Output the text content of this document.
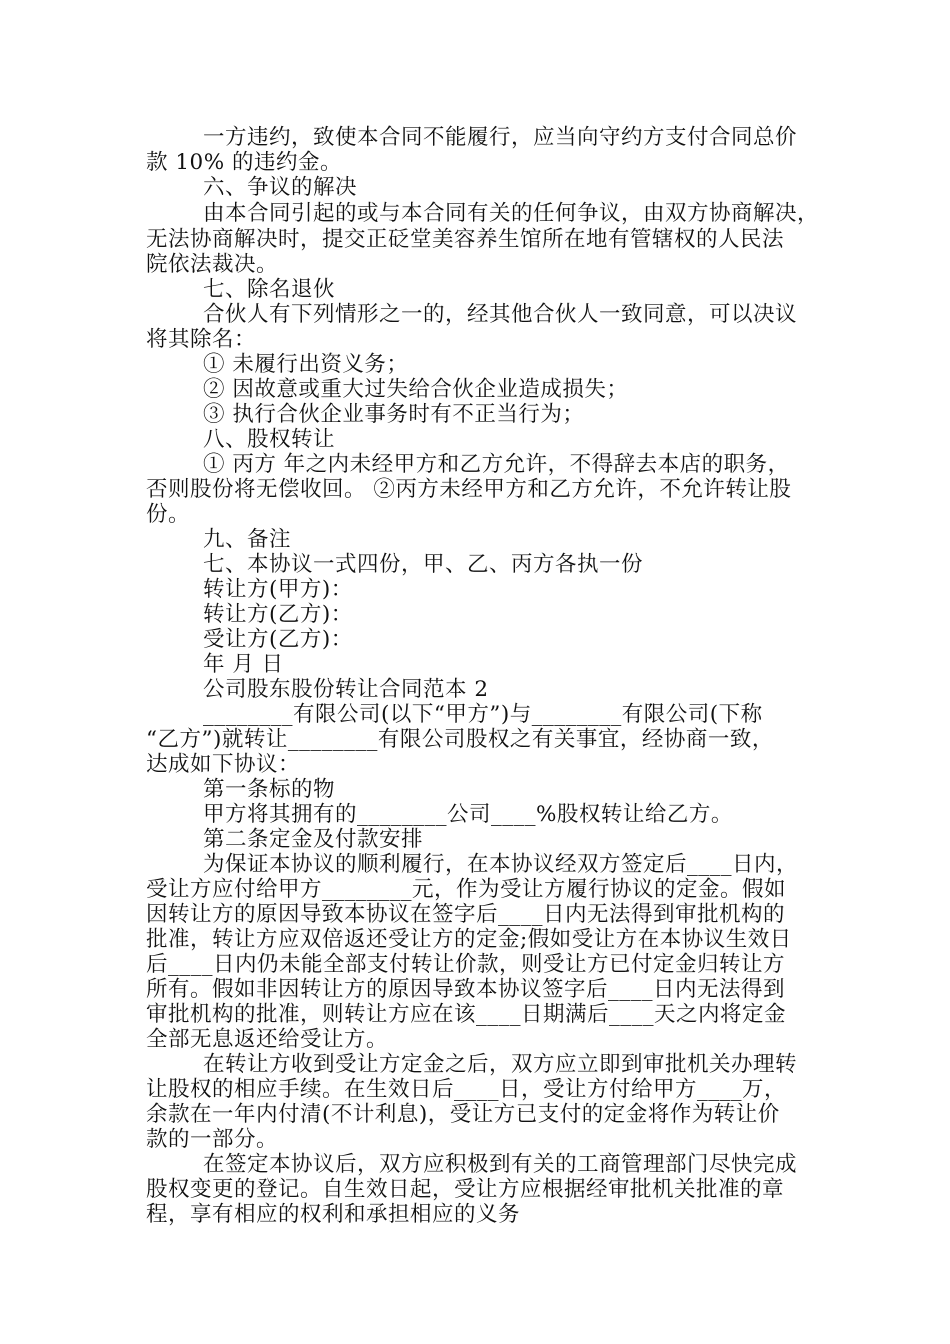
一方违约，致使本合同不能履行，应当向守约方支付合同总价
款 10% 的违约金。
六、争议的解决
由本合同引起的或与本合同有关的任何争议，由双方协商解决，
无法协商解决时，提交正砭堂美容养生馆所在地有管辖权的人民法
院依法裁决。
七、除名退伙
合伙人有下列情形之一的，经其他合伙人一致同意，可以决议
将其除名：
① 未履行出资义务；
② 因故意或重大过失给合伙企业造成损失；
③ 执行合伙企业事务时有不正当行为；
八、股权转让
① 丙方 年之内未经甲方和乙方允许，不得辞去本店的职务，
否则股份将无偿收回。 ②丙方未经甲方和乙方允许，不允许转让股
份。
九、备注
七、本协议一式四份，甲、乙、丙方各执一份
转让方(甲方)：
转让方(乙方)：
受让方(乙方)：
年 月 日
公司股东股份转让合同范本 2
________有限公司(以下“甲方”)与________有限公司(下称
“乙方”)就转让________有限公司股权之有关事宜，经协商一致，
达成如下协议：
第一条标的物
甲方将其拥有的________公司____%股权转让给乙方。
第二条定金及付款安排
为保证本协议的顺利履行，在本协议经双方签定后____日内，
受让方应付给甲方________元，作为受让方履行协议的定金。假如
因转让方的原因导致本协议在签字后____日内无法得到审批机构的
批准，转让方应双倍返还受让方的定金;假如受让方在本协议生效日
后____日内仍未能全部支付转让价款，则受让方已付定金归转让方
所有。假如非因转让方的原因导致本协议签字后____日内无法得到
审批机构的批准，则转让方应在该____日期满后____天之内将定金
全部无息返还给受让方。
在转让方收到受让方定金之后，双方应立即到审批机关办理转
让股权的相应手续。在生效日后____日，受让方付给甲方____万，
余款在一年内付清(不计利息)，受让方已支付的定金将作为转让价
款的一部分。
在签定本协议后，双方应积极到有关的工商管理部门尽快完成
股权变更的登记。自生效日起，受让方应根据经审批机关批准的章
程，享有相应的权利和承担相应的义务
